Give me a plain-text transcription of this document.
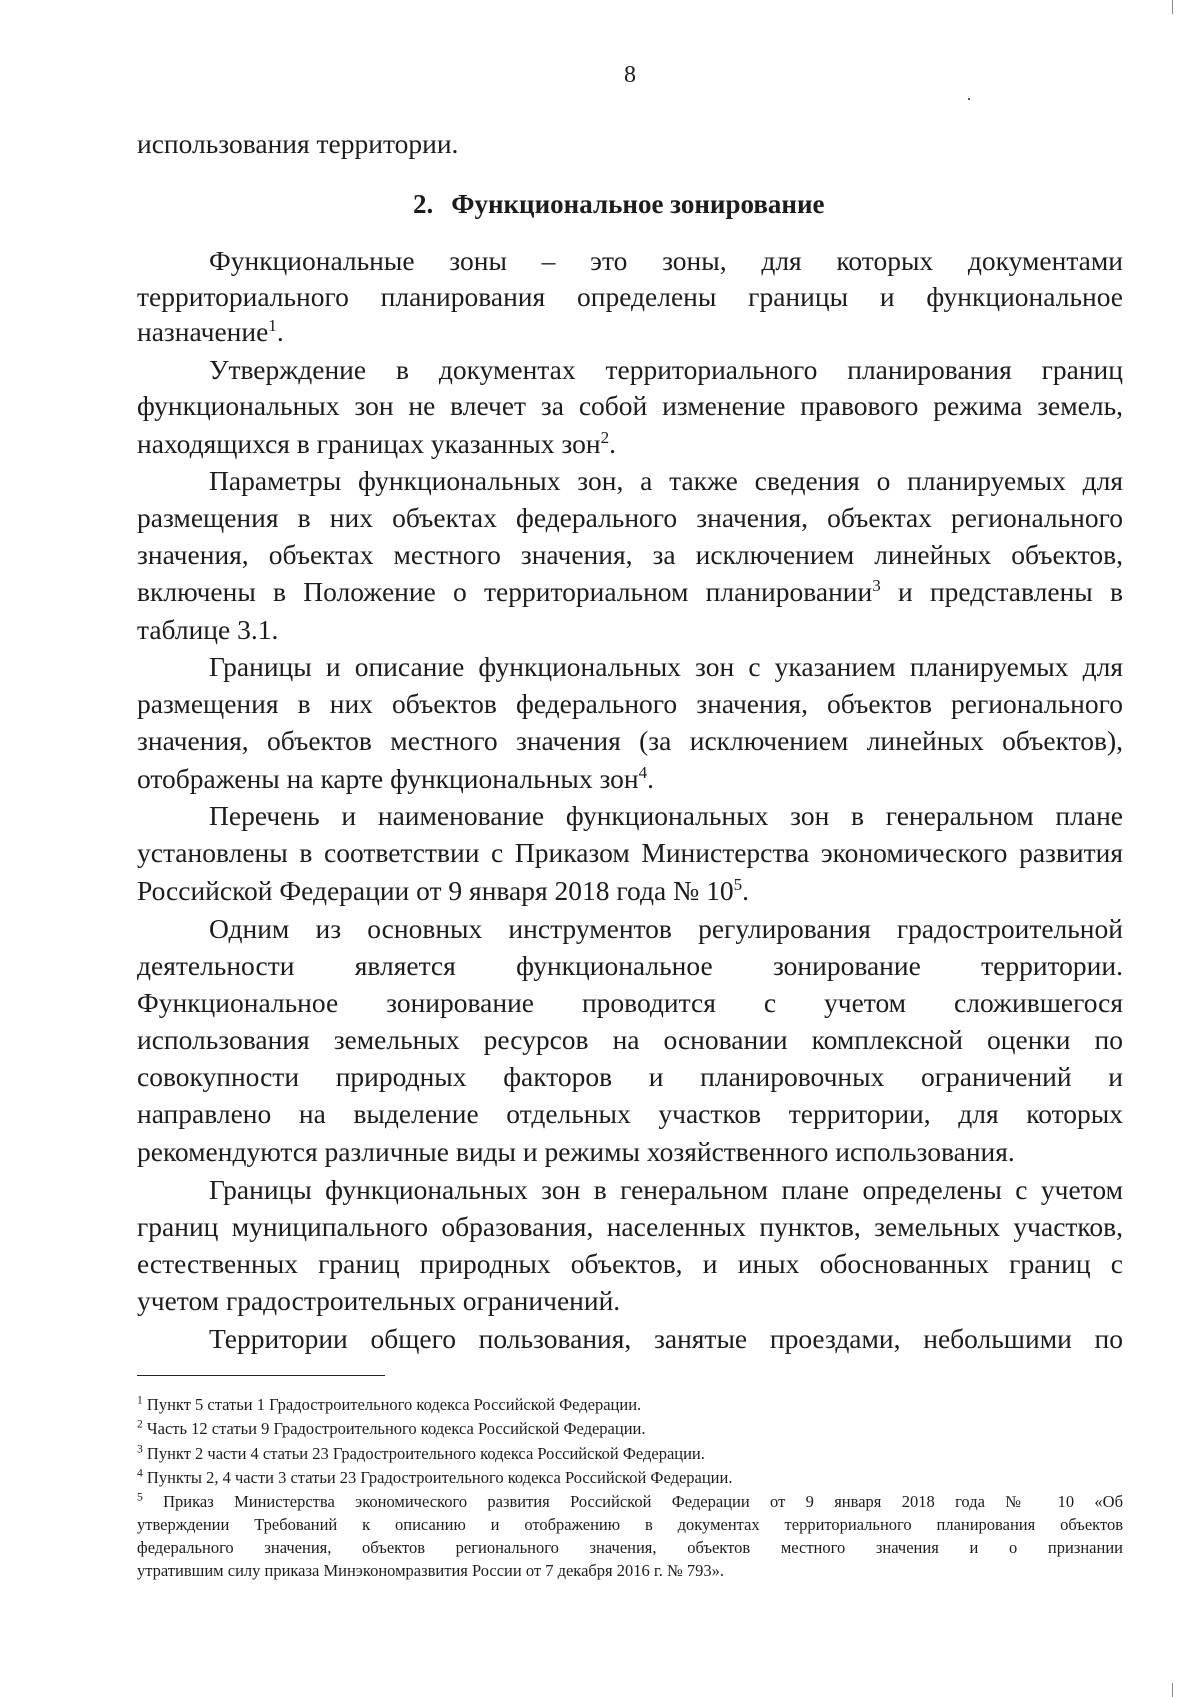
8
использования территории.
2. Функциональное зонирование
Функциональные зоны – это зоны, для которых документами
территориального планирования определены границы и функциональное
назначение$^1$.
Утверждение в документах территориального планирования границ
функциональных зон не влечет за собой изменение правового режима земель,
находящихся в границах указанных зон$^2$.
Параметры функциональных зон, а также сведения о планируемых для
размещения в них объектах федерального значения, объектах регионального
значения, объектах местного значения, за исключением линейных объектов,
включены в Положение о территориальном планировании$^3$ и представлены в
таблице 3.1.
Границы и описание функциональных зон с указанием планируемых для
размещения в них объектов федерального значения, объектов регионального
значения, объектов местного значения (за исключением линейных объектов),
отображены на карте функциональных зон$^4$.
Перечень и наименование функциональных зон в генеральном плане
установлены в соответствии с Приказом Министерства экономического развития
Российской Федерации от 9 января 2018 года № $10^5$.
Одним из основных инструментов регулирования градостроительной
деятельности является функциональное зонирование территории.
Функциональное зонирование проводится с учетом сложившегося
использования земельных ресурсов на основании комплексной оценки по
совокупности природных факторов и планировочных ограничений и
направлено на выделение отдельных участков территории, для которых
рекомендуются различные виды и режимы хозяйственного использования.
Границы функциональных зон в генеральном плане определены с учетом
границ муниципального образования, населенных пунктов, земельных участков,
естественных границ природных объектов, и иных обоснованных границ с
учетом градостроительных ограничений.
Территории общего пользования, занятые проездами, небольшими по
$^1$ Пункт 5 статьи 1 Градостроительного кодекса Российской Федерации.
$^2$ Часть 12 статьи 9 Градостроительного кодекса Российской Федерации.
$^3$ Пункт 2 части 4 статьи 23 Градостроительного кодекса Российской Федерации.
$^4$ Пункты 2, 4 части 3 статьи 23 Градостроительного кодекса Российской Федерации.
$^5$ Приказ Министерства экономического развития Российской Федерации от 9 января 2018 года № 10 «Об
утверждении Требований к описанию и отображению в документах территориального планирования объектов
федерального значения, объектов регионального значения, объектов местного значения и о признании
утратившим силу приказа Минэкономразвития России от 7 декабря 2016 г. № 793».
